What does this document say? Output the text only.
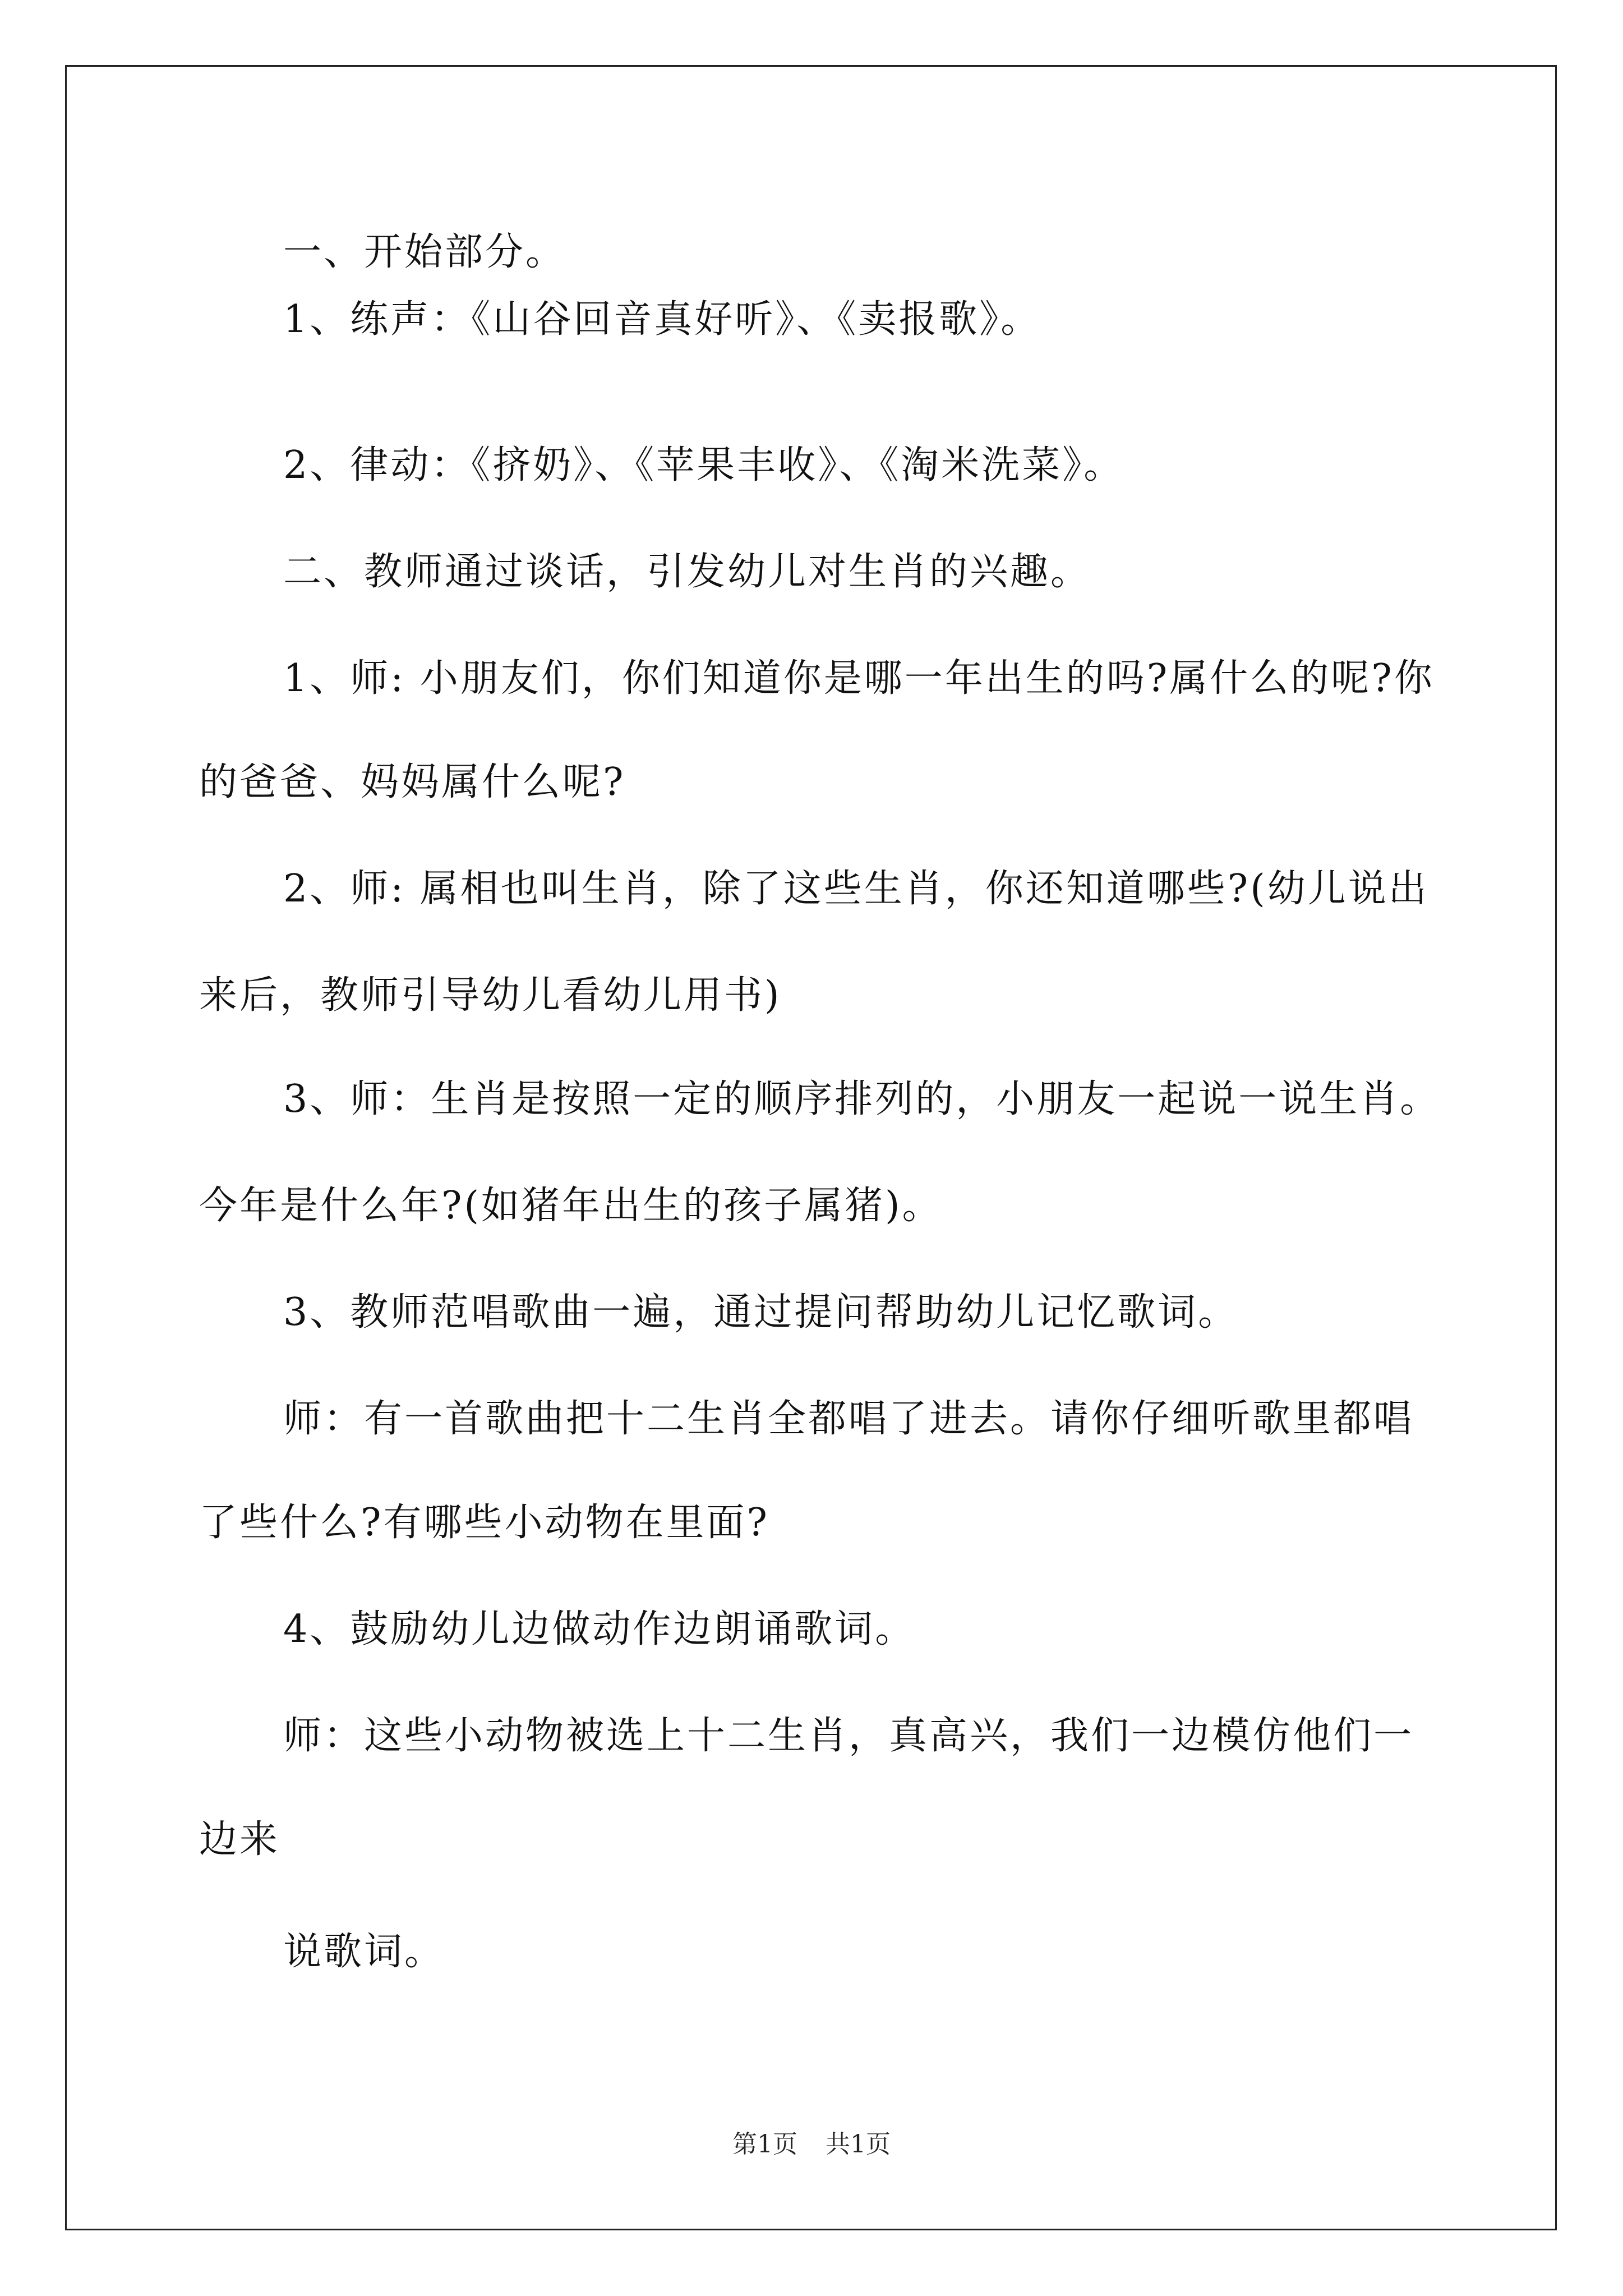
一、开始部分。
1、练声：《山谷回音真好听》、《卖报歌》。
2、律动：《挤奶》、《苹果丰收》、《淘米洗菜》。
二、教师通过谈话，引发幼儿对生肖的兴趣。
1、师: 小朋友们，你们知道你是哪一年出生的吗?属什么的呢?你
的爸爸、妈妈属什么呢?
2、师: 属相也叫生肖，除了这些生肖，你还知道哪些?(幼儿说出
来后，教师引导幼儿看幼儿用书)
3、师：生肖是按照一定的顺序排列的，小朋友一起说一说生肖。
今年是什么年?(如猪年出生的孩子属猪)。
3、教师范唱歌曲一遍，通过提问帮助幼儿记忆歌词。
师：有一首歌曲把十二生肖全都唱了进去。请你仔细听歌里都唱
了些什么?有哪些小动物在里面?
4、鼓励幼儿边做动作边朗诵歌词。
师：这些小动物被选上十二生肖，真高兴，我们一边模仿他们一
边来
说歌词。
第1页 共1页
